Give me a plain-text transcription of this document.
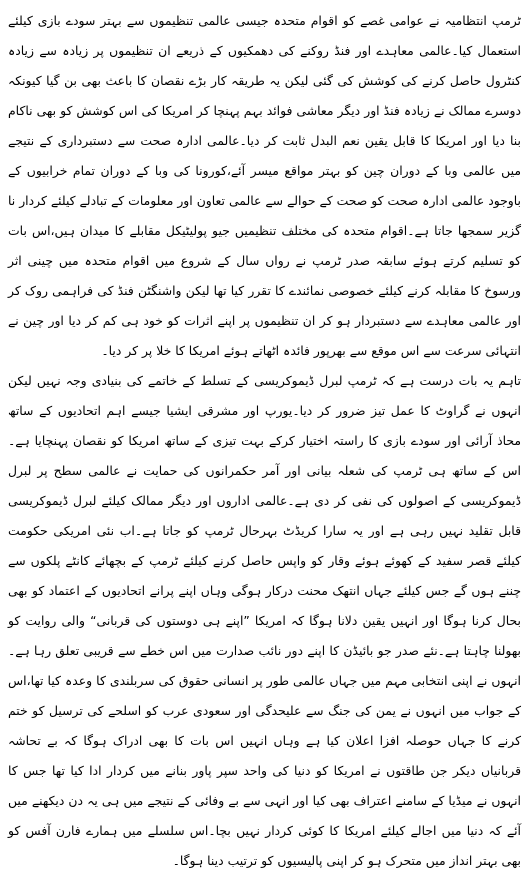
ٹرمپ انتظامیہ نے عوامی غصے کو اقوام متحدہ جیسی عالمی تنظیموں سے بہتر سودے بازی کیلئے استعمال کیا۔عالمی معاہدے اور فنڈ روکنے کی دھمکیوں کے ذریعے ان تنظیموں پر زیادہ سے زیادہ کنٹرول حاصل کرنے کی کوشش کی گئی لیکن یہ طریقہ کار بڑے نقصان کا باعث بھی بن گیا کیونکہ دوسرے ممالک نے زیادہ فنڈ اور دیگر معاشی فوائد بہم پہنچا کر امریکا کی اس کوشش کو بھی ناکام بنا دیا اور امریکا کا قابل یقین نعم البدل ثابت کر دیا۔عالمی ادارہ صحت سے دستبرداری کے نتیجے میں عالمی وبا کے دوران چین کو بہتر مواقع میسر آئے،کورونا کی وبا کے دوران تمام خرابیوں کے باوجود عالمی ادارہ صحت کو صحت کے حوالے سے عالمی تعاون اور معلومات کے تبادلے کیلئے کردار نا گزیر سمجھا جاتا ہے۔اقوام متحدہ کی مختلف تنظیمیں جیو پولیٹیکل مقابلے کا میدان ہیں،اس بات کو تسلیم کرتے ہوئے سابقہ صدر ٹرمپ نے رواں سال کے شروع میں اقوام متحدہ میں چینی اثر ورسوخ کا مقابلہ کرنے کیلئے خصوصی نمائندے کا تقرر کیا تھا لیکن واشنگٹن فنڈ کی فراہمی روک کر اور عالمی معاہدے سے دستبردار ہو کر ان تنظیموں پر اپنے اثرات کو خود ہی کم کر دیا اور چین نے انتہائی سرعت سے اس موقع سے بھرپور فائدہ اٹھاتے ہوئے امریکا کا خلا پر کر دیا۔

تاہم یہ بات درست ہے کہ ٹرمپ لبرل ڈیموکریسی کے تسلط کے خاتمے کی بنیادی وجہ نہیں لیکن انہوں نے گراوٹ کا عمل تیز ضرور کر دیا۔یورپ اور مشرقی ایشیا جیسے اہم اتحادیوں کے ساتھ محاذ آرائی اور سودے بازی کا راستہ اختیار کرکے بہت تیزی کے ساتھ امریکا کو نقصان پہنچایا ہے۔اس کے ساتھ ہی ٹرمپ کی شعلہ بیانی اور آمر حکمرانوں کی حمایت نے عالمی سطح پر لبرل ڈیموکریسی کے اصولوں کی نفی کر دی ہے۔عالمی اداروں اور دیگر ممالک کیلئے لبرل ڈیموکریسی قابل تقلید نہیں رہی ہے اور یہ سارا کریڈٹ بہرحال ٹرمپ کو جاتا ہے۔اب نئی امریکی حکومت کیلئے قصر سفید کے کھوئے ہوئے وقار کو واپس حاصل کرنے کیلئے ٹرمپ کے بچھائے کانٹے پلکوں سے چننے ہوں گے جس کیلئے جہاں انتھک محنت درکار ہوگی وہاں اپنے پرانے اتحادیوں کے اعتماد کو بھی بحال کرنا ہوگا اور انہیں یقین دلانا ہوگا کہ امریکا ”اپنے ہی دوستوں کی قربانی“ والی روایت کو بھولنا چاہتا ہے۔نئے صدر جو بائیڈن کا اپنے دور نائب صدارت میں اس خطے سے قریبی تعلق رہا ہے۔انہوں نے اپنی انتخابی مہم میں جہاں عالمی طور پر انسانی حقوق کی سربلندی کا وعدہ کیا تھا،اس کے جواب میں انہوں نے یمن کی جنگ سے علیحدگی اور سعودی عرب کو اسلحے کی ترسیل کو ختم کرنے کا جہاں حوصلہ افزا اعلان کیا ہے وہاں انہیں اس بات کا بھی ادراک ہوگا کہ بے تحاشہ قربانیاں دیکر جن طاقتوں نے امریکا کو دنیا کی واحد سپر پاور بنانے میں کردار ادا کیا تھا جس کا انہوں نے میڈیا کے سامنے اعتراف بھی کیا اور انہی سے بے وفائی کے نتیجے میں ہی یہ دن دیکھنے میں آئے کہ دنیا میں اجالے کیلئے امریکا کا کوئی کردار نہیں بچا۔اس سلسلے میں ہمارے فارن آفس کو بھی بہتر انداز میں متحرک ہو کر اپنی پالیسیوں کو ترتیب دینا ہوگا۔
